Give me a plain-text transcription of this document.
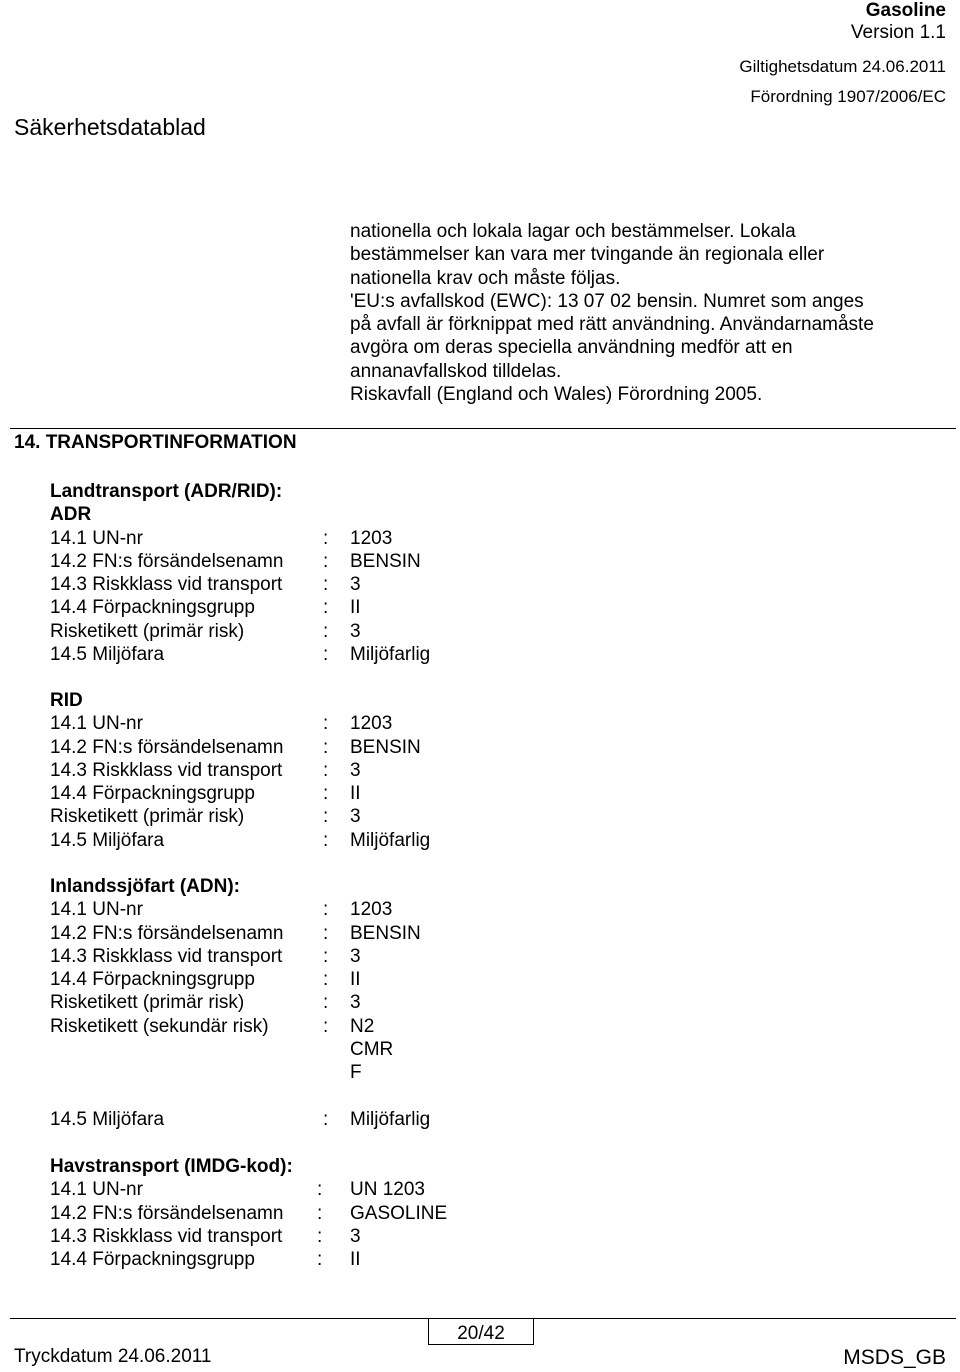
Gasoline
Version 1.1
Giltighetsdatum 24.06.2011
Förordning 1907/2006/EC
Säkerhetsdatablad
nationella och lokala lagar och bestämmelser. Lokala
bestämmelser kan vara mer tvingande än regionala eller
nationella krav och måste följas.
'EU:s avfallskod (EWC): 13 07 02 bensin. Numret som anges
på avfall är förknippat med rätt användning. Användarnamåste
avgöra om deras speciella användning medför att en
annanavfallskod tilldelas.
Riskavfall (England och Wales) Förordning 2005.
14. TRANSPORTINFORMATION
Landtransport (ADR/RID):
ADR
14.1 UN-nr	: 1203
14.2 FN:s försändelsenamn : BENSIN
14.3 Riskklass vid transport : 3
14.4 Förpackningsgrupp	: II
Risketikett (primär risk)	: 3
14.5 Miljöfara	: Miljöfarlig
RID
14.1 UN-nr	: 1203
14.2 FN:s försändelsenamn : BENSIN
14.3 Riskklass vid transport : 3
14.4 Förpackningsgrupp	: II
Risketikett (primär risk)	: 3
14.5 Miljöfara	: Miljöfarlig
Inlandssjöfart (ADN):
14.1 UN-nr	: 1203
14.2 FN:s försändelsenamn : BENSIN
14.3 Riskklass vid transport : 3
14.4 Förpackningsgrupp	: II
Risketikett (primär risk)	: 3
Risketikett (sekundär risk)	: N2
CMR
F
14.5 Miljöfara	: Miljöfarlig
Havstransport (IMDG-kod):
14.1 UN-nr	: UN 1203
14.2 FN:s försändelsenamn : GASOLINE
14.3 Riskklass vid transport : 3
14.4 Förpackningsgrupp	: II
20/42
Tryckdatum 24.06.2011	MSDS_GB
